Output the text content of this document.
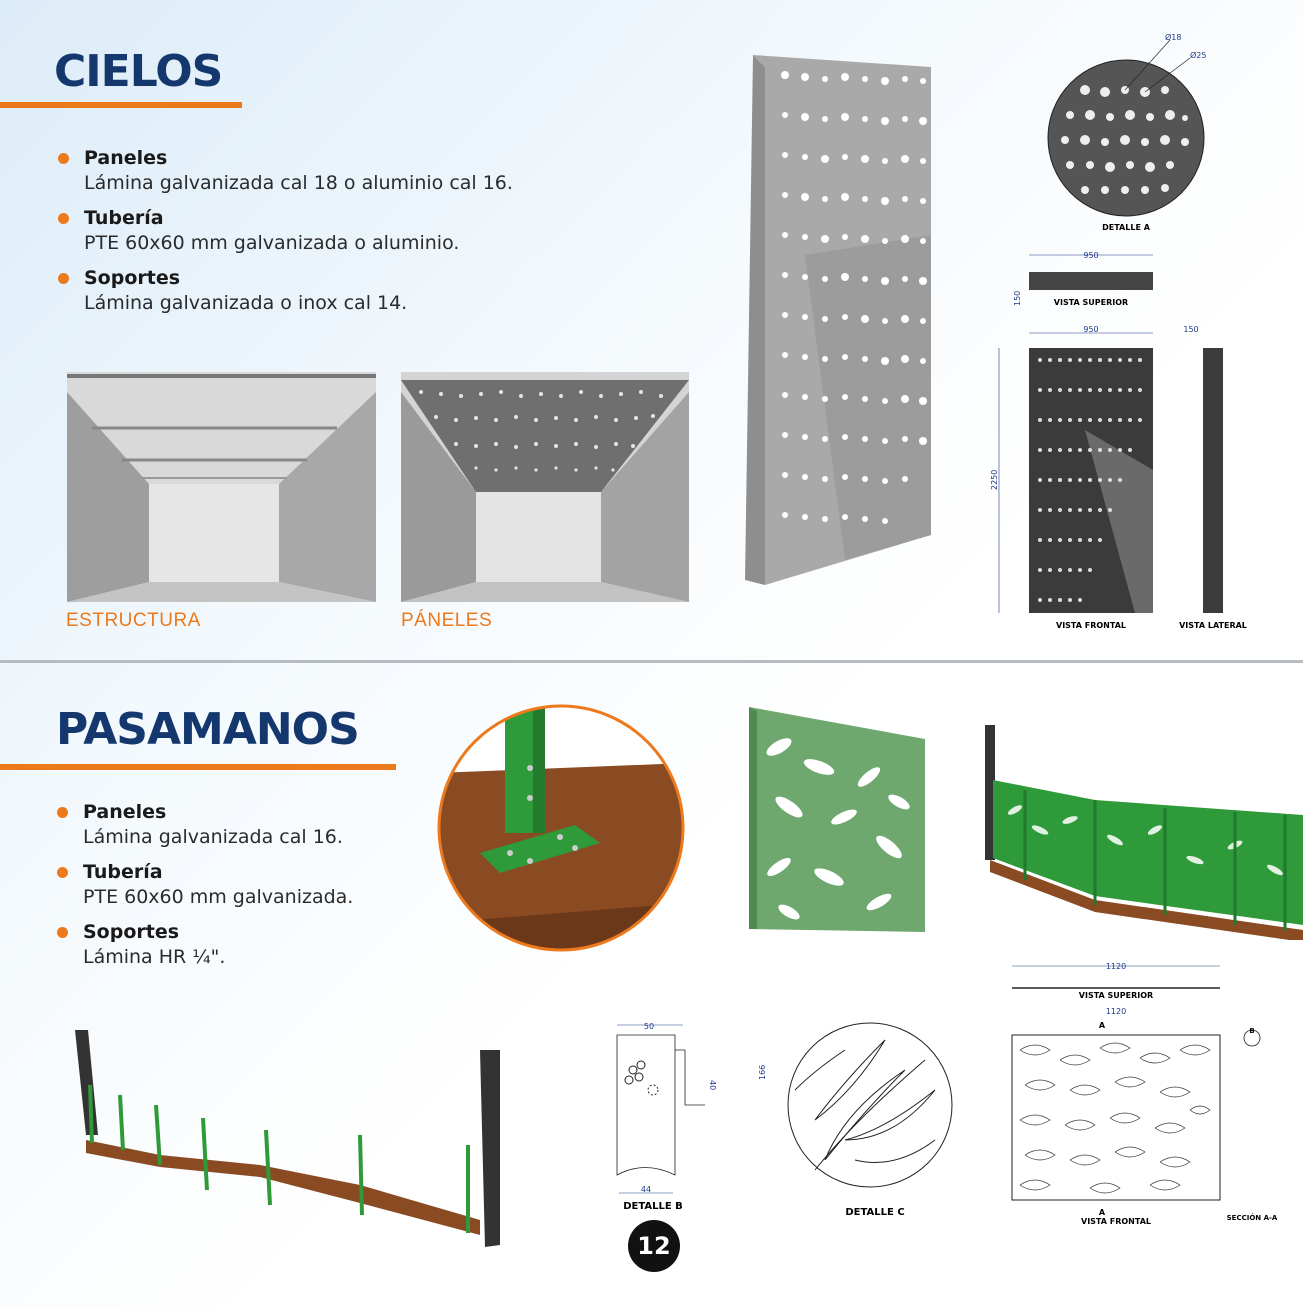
CIELOS
Paneles
Lámina galvanizada cal 18 o aluminio cal 16.
Tubería
PTE 60x60 mm galvanizada o aluminio.
Soportes
Lámina galvanizada o inox cal 14.
ESTRUCTURA	PÁNELES
Ø18
Ø25
DETALLE A
950
150	VISTA SUPERIOR
950
2250
VISTA FRONTAL
150
VISTA LATERAL
PASAMANOS
Paneles
Lámina galvanizada cal 16.
Tubería
PTE 60x60 mm galvanizada.
Soportes
Lámina HR ¼".
50
40
44
DETALLE B
12
166
DETALLE C
1120
VISTA SUPERIOR
1120
A
A
VISTA FRONTAL
B
SECCIÓN A-A
